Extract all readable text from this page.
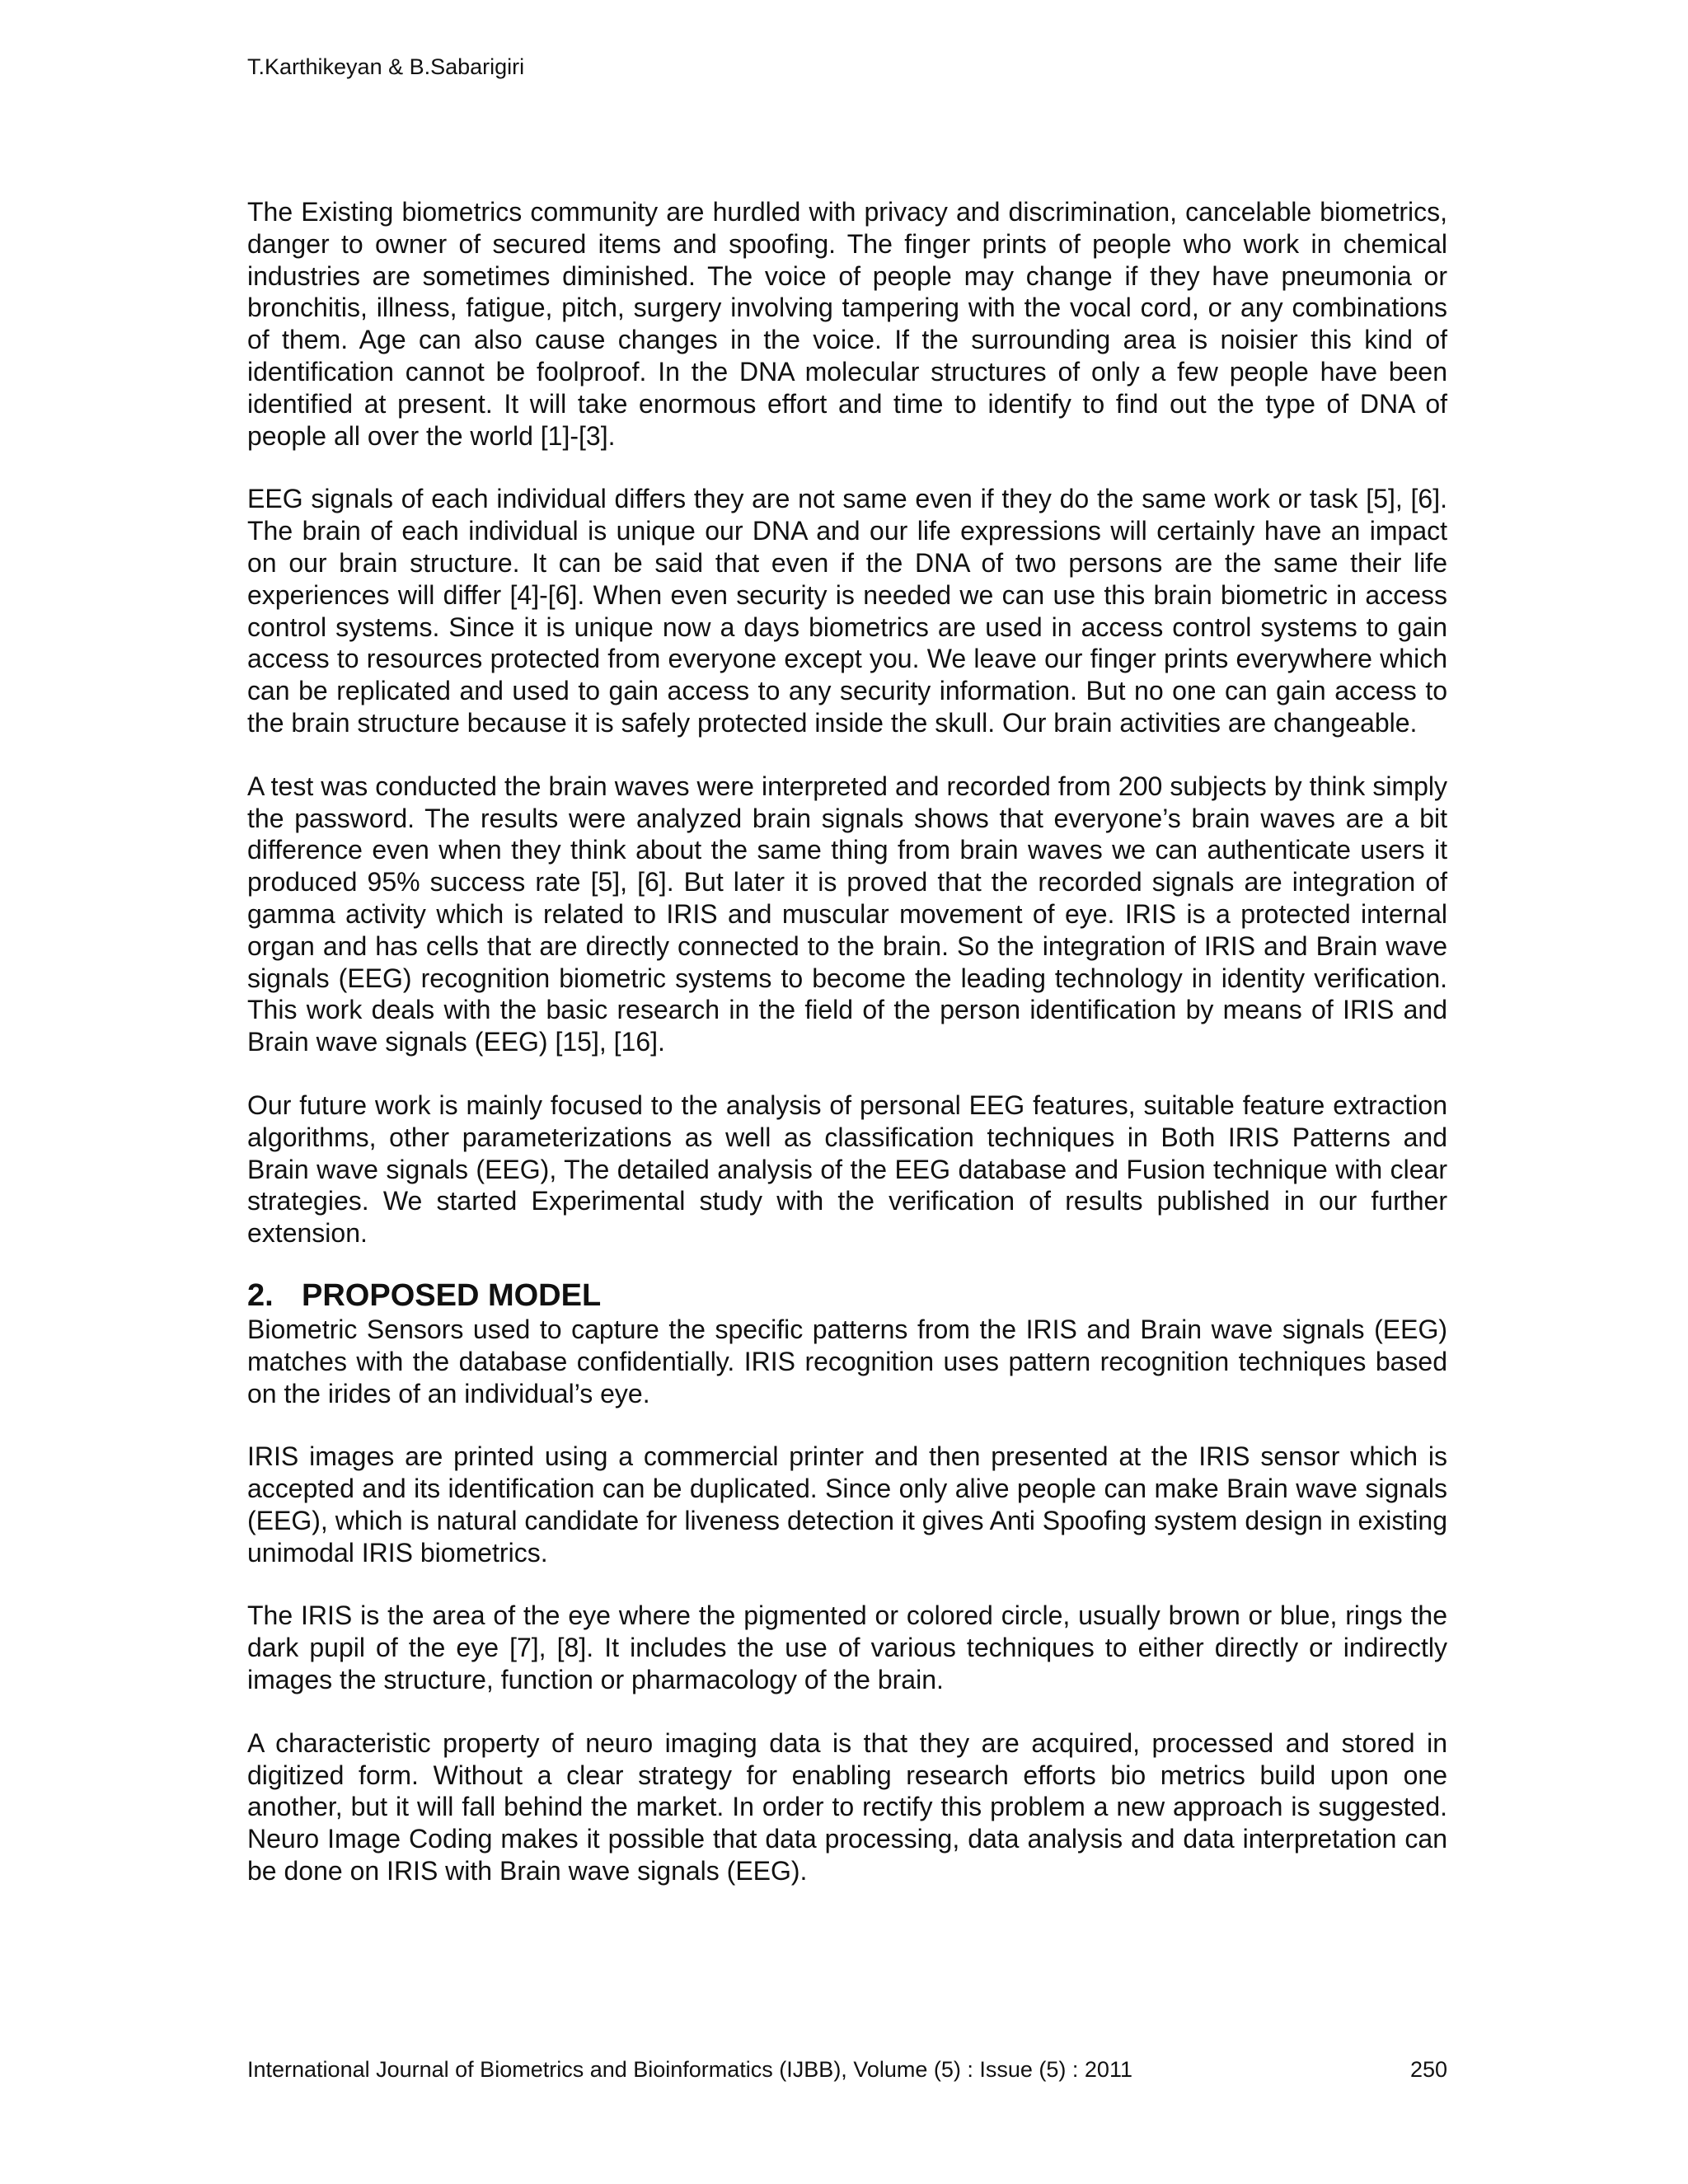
T.Karthikeyan & B.Sabarigiri

The Existing biometrics community are hurdled with privacy and discrimination, cancelable biometrics, danger to owner of secured items and spoofing. The finger prints of people who work in chemical industries are sometimes diminished. The voice of people may change if they have pneumonia or bronchitis, illness, fatigue, pitch, surgery involving tampering with the vocal cord, or any combinations of them. Age can also cause changes in the voice. If the surrounding area is noisier this kind of identification cannot be foolproof. In the DNA molecular structures of only a few people have been identified at present. It will take enormous effort and time to identify to find out the type of DNA of people all over the world [1]-[3].

EEG signals of each individual differs they are not same even if they do the same work or task [5], [6]. The brain of each individual is unique our DNA and our life expressions will certainly have an impact on our brain structure. It can be said that even if the DNA of two persons are the same their life experiences will differ [4]-[6]. When even security is needed we can use this brain biometric in access control systems. Since it is unique now a days biometrics are used in access control systems to gain access to resources protected from everyone except you. We leave our finger prints everywhere which can be replicated and used to gain access to any security information. But no one can gain access to the brain structure because it is safely protected inside the skull. Our brain activities are changeable.

A test was conducted the brain waves were interpreted and recorded from 200 subjects by think simply the password. The results were analyzed brain signals shows that everyone’s brain waves are a bit difference even when they think about the same thing from brain waves we can authenticate users it produced 95% success rate [5], [6]. But later it is proved that the recorded signals are integration of gamma activity which is related to IRIS and muscular movement of eye. IRIS is a protected internal organ and has cells that are directly connected to the brain. So the integration of IRIS and Brain wave signals (EEG) recognition biometric systems to become the leading technology in identity verification. This work deals with the basic research in the field of the person identification by means of IRIS and Brain wave signals (EEG) [15], [16].

Our future work is mainly focused to the analysis of personal EEG features, suitable feature extraction algorithms, other parameterizations as well as classification techniques in Both IRIS Patterns and Brain wave signals (EEG), The detailed analysis of the EEG database and Fusion technique with clear strategies. We started Experimental study with the verification of results published in our further extension.

2. PROPOSED MODEL

Biometric Sensors used to capture the specific patterns from the IRIS and Brain wave signals (EEG) matches with the database confidentially. IRIS recognition uses pattern recognition techniques based on the irides of an individual’s eye.

IRIS images are printed using a commercial printer and then presented at the IRIS sensor which is accepted and its identification can be duplicated. Since only alive people can make Brain wave signals (EEG), which is natural candidate for liveness detection it gives Anti Spoofing system design in existing unimodal IRIS biometrics.

The IRIS is the area of the eye where the pigmented or colored circle, usually brown or blue, rings the dark pupil of the eye [7], [8]. It includes the use of various techniques to either directly or indirectly images the structure, function or pharmacology of the brain.

A characteristic property of neuro imaging data is that they are acquired, processed and stored in digitized form. Without a clear strategy for enabling research efforts bio metrics build upon one another, but it will fall behind the market. In order to rectify this problem a new approach is suggested. Neuro Image Coding makes it possible that data processing, data analysis and data interpretation can be done on IRIS with Brain wave signals (EEG).

International Journal of Biometrics and Bioinformatics (IJBB), Volume (5) : Issue (5) : 2011	250
